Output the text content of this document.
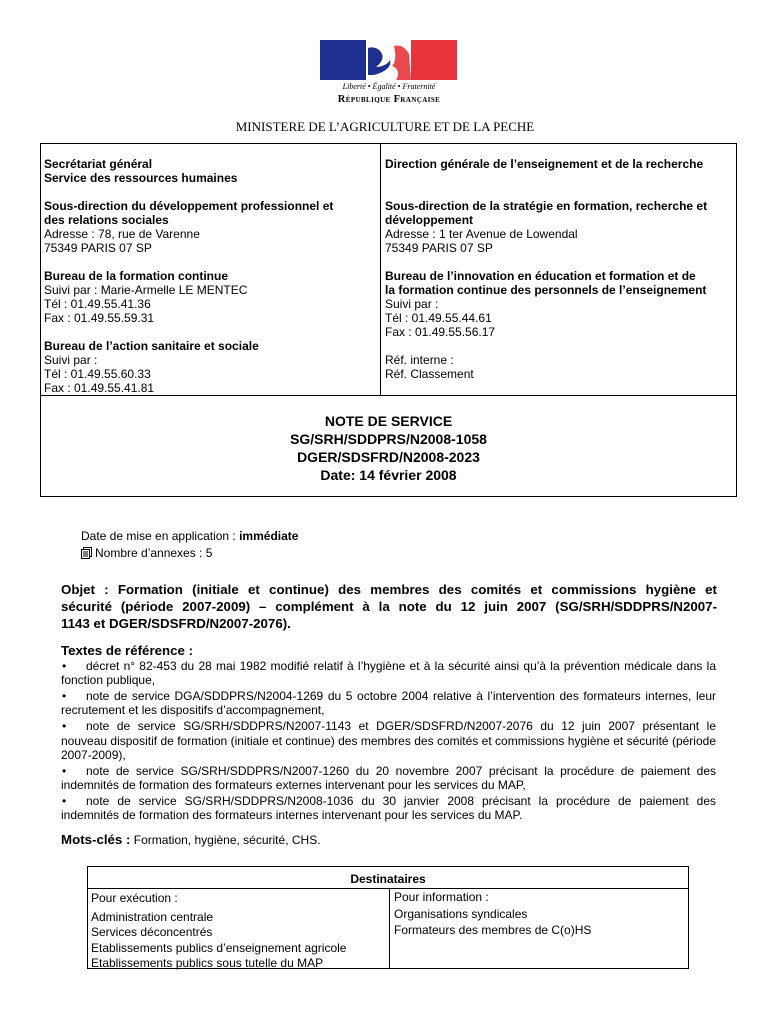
Liberté • Égalité • Fraternité
République Française
MINISTERE DE L’AGRICULTURE ET DE LA PECHE

Secrétariat général

Service des ressources humaines

Sous-direction du développement professionnel et

des relations sociales

Adresse : 78, rue de Varenne

75349 PARIS 07 SP

Bureau de la formation continue

Suivi par : Marie-Armelle LE MENTEC

Tél : 01.49.55.41.36

Fax : 01.49.55.59.31

Bureau de l’action sanitaire et sociale

Suivi par :

Tél : 01.49.55.60.33

Fax : 01.49.55.41.81

Direction générale de l’enseignement et de la recherche

Sous-direction de la stratégie en formation, recherche et

développement

Adresse : 1 ter Avenue de Lowendal

75349 PARIS 07 SP

Bureau de l’innovation en éducation et formation et de

la formation continue des personnels de l’enseignement

Suivi par :

Tél : 01.49.55.44.61

Fax : 01.49.55.56.17

Réf. interne :

Réf. Classement

NOTE DE SERVICE

SG/SRH/SDDPRS/N2008-1058

DGER/SDSFRD/N2008-2023

Date: 14 février 2008

Date de mise en application : immédiate
Nombre d’annexes : 5

Objet : Formation (initiale et continue) des membres des comités et commissions hygiène et

sécurité (période 2007-2009) – complément à la note du 12 juin 2007 (SG/SRH/SDDPRS/N2007-

1143 et DGER/SDSFRD/N2007-2076).

Textes de référence :

• décret n° 82-453 du 28 mai 1982 modifié relatif à l’hygiène et à la sécurité ainsi qu’à la prévention médicale dans la fonction publique,

• note de service DGA/SDDPRS/N2004-1269 du 5 octobre 2004 relative à l’intervention des formateurs internes, leur recrutement et les dispositifs d’accompagnement,

• note de service SG/SRH/SDDPRS/N2007-1143 et DGER/SDSFRD/N2007-2076 du 12 juin 2007 présentant le nouveau dispositif de formation (initiale et continue) des membres des comités et commissions hygiène et sécurité (période 2007-2009),

• note de service SG/SRH/SDDPRS/N2007-1260 du 20 novembre 2007 précisant la procédure de paiement des indemnités de formation des formateurs externes intervenant pour les services du MAP,

• note de service SG/SRH/SDDPRS/N2008-1036 du 30 janvier 2008 précisant la procédure de paiement des indemnités de formation des formateurs internes intervenant pour les services du MAP.

Mots-clés : Formation, hygiène, sécurité, CHS.
Destinataires

Pour exécution :

Administration centrale

Services déconcentrés

Etablissements publics d’enseignement agricole

Etablissements publics sous tutelle du MAP

Pour information :

Organisations syndicales

Formateurs des membres de C(o)HS
